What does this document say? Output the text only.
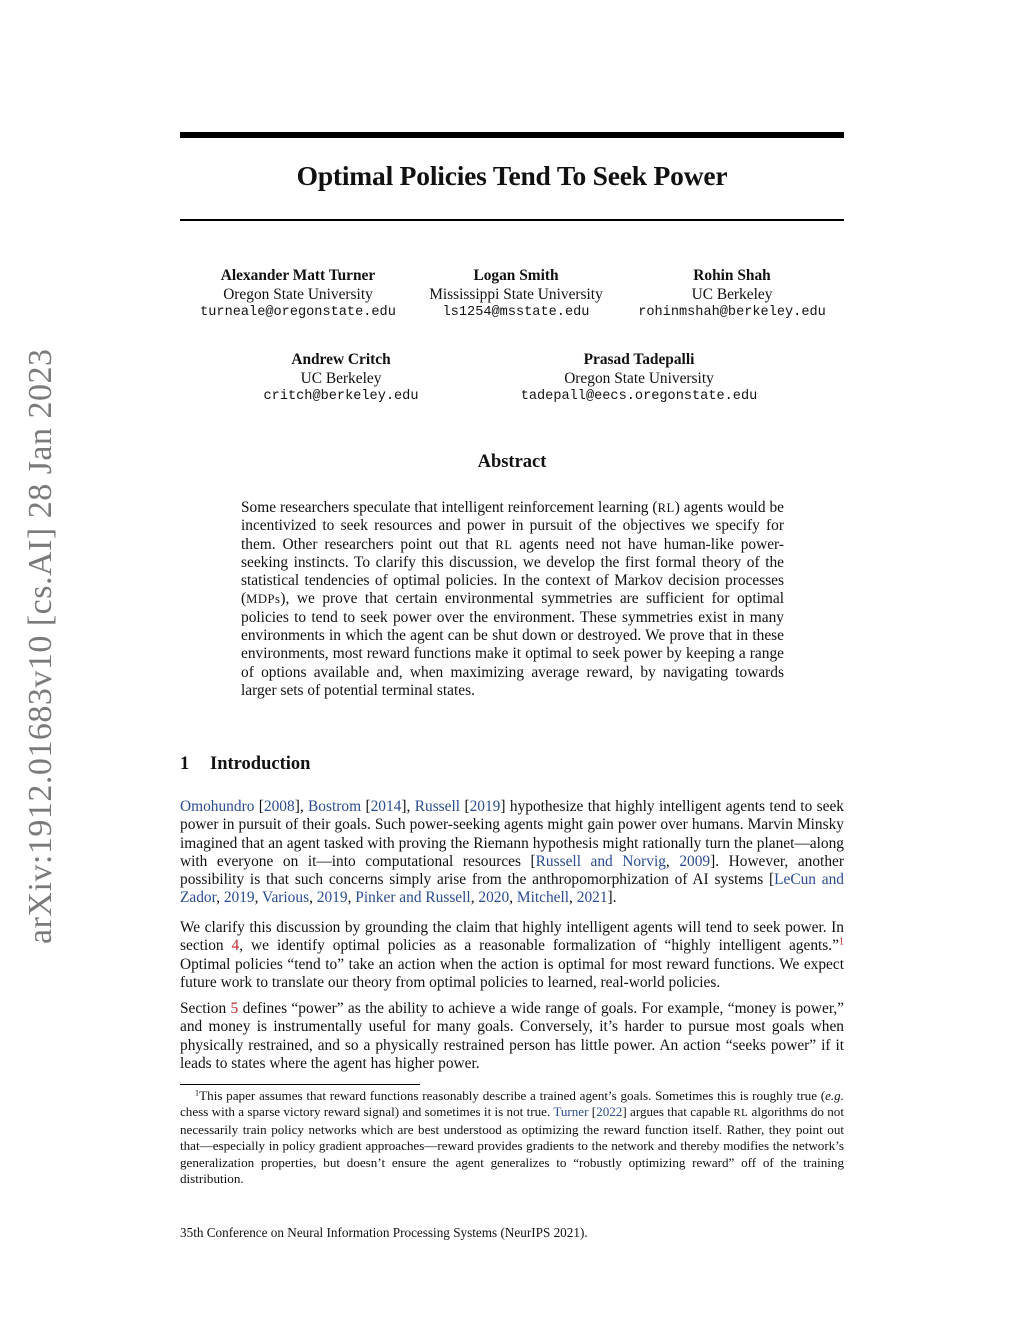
arXiv:1912.01683v10 [cs.AI] 28 Jan 2023
Optimal Policies Tend To Seek Power
Alexander Matt Turner
Oregon State University
turneale@oregonstate.edu
Logan Smith
Mississippi State University
ls1254@msstate.edu
Rohin Shah
UC Berkeley
rohinmshah@berkeley.edu
Andrew Critch
UC Berkeley
critch@berkeley.edu
Prasad Tadepalli
Oregon State University
tadepall@eecs.oregonstate.edu
Abstract
Some researchers speculate that intelligent reinforcement learning (RL) agents would be incentivized to seek resources and power in pursuit of the objectives we specify for them. Other researchers point out that RL agents need not have human-like power-seeking instincts. To clarify this discussion, we develop the first formal theory of the statistical tendencies of optimal policies. In the context of Markov decision processes (MDPs), we prove that certain environmental symmetries are sufficient for optimal policies to tend to seek power over the environment. These symmetries exist in many environments in which the agent can be shut down or destroyed. We prove that in these environments, most reward functions make it optimal to seek power by keeping a range of options available and, when maximizing average reward, by navigating towards larger sets of potential terminal states.
1 Introduction
Omohundro [2008], Bostrom [2014], Russell [2019] hypothesize that highly intelligent agents tend to seek power in pursuit of their goals. Such power-seeking agents might gain power over humans. Marvin Minsky imagined that an agent tasked with proving the Riemann hypothesis might rationally turn the planet—along with everyone on it—into computational resources [Russell and Norvig, 2009]. However, another possibility is that such concerns simply arise from the anthropomorphization of AI systems [LeCun and Zador, 2019, Various, 2019, Pinker and Russell, 2020, Mitchell, 2021].
We clarify this discussion by grounding the claim that highly intelligent agents will tend to seek power. In section 4, we identify optimal policies as a reasonable formalization of “highly intelligent agents.”$^1$ Optimal policies “tend to” take an action when the action is optimal for most reward functions. We expect future work to translate our theory from optimal policies to learned, real-world policies.
Section 5 defines “power” as the ability to achieve a wide range of goals. For example, “money is power,” and money is instrumentally useful for many goals. Conversely, it’s harder to pursue most goals when physically restrained, and so a physically restrained person has little power. An action “seeks power” if it leads to states where the agent has higher power.
$^1$This paper assumes that reward functions reasonably describe a trained agent’s goals. Sometimes this is roughly true (e.g. chess with a sparse victory reward signal) and sometimes it is not true. Turner [2022] argues that capable RL algorithms do not necessarily train policy networks which are best understood as optimizing the reward function itself. Rather, they point out that—especially in policy gradient approaches—reward provides gradients to the network and thereby modifies the network’s generalization properties, but doesn’t ensure the agent generalizes to “robustly optimizing reward” off of the training distribution.
35th Conference on Neural Information Processing Systems (NeurIPS 2021).
